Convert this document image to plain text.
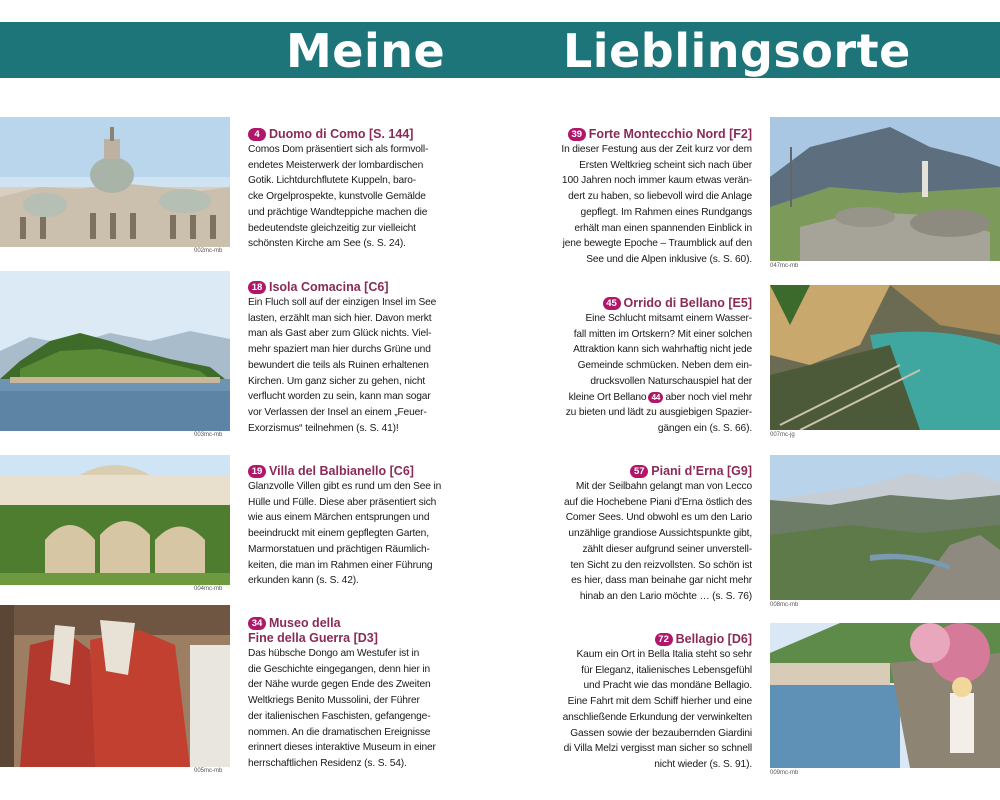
Meine	Lieblingsorte
002mc-mb
4 Duomo di Como [S. 144]
Comos Dom präsentiert sich als formvoll-
endetes Meisterwerk der lombardischen
Gotik. Lichtdurchflutete Kuppeln, baro-
cke Orgelprospekte, kunstvolle Gemälde
und prächtige Wandteppiche machen die
bedeutendste gleichzeitig zur vielleicht
schönsten Kirche am See (s. S. 24).
003mc-mb
18 Isola Comacina [C6]
Ein Fluch soll auf der einzigen Insel im See
lasten, erzählt man sich hier. Davon merkt
man als Gast aber zum Glück nichts. Viel-
mehr spaziert man hier durchs Grüne und
bewundert die teils als Ruinen erhaltenen
Kirchen. Um ganz sicher zu gehen, nicht
verflucht worden zu sein, kann man sogar
vor Verlassen der Insel an einem „Feuer-
Exorzismus“ teilnehmen (s. S. 41)!
004mc-mb
19 Villa del Balbianello [C6]
Glanzvolle Villen gibt es rund um den See in
Hülle und Fülle. Diese aber präsentiert sich
wie aus einem Märchen entsprungen und
beeindruckt mit einem gepflegten Garten,
Marmorstatuen und prächtigen Räumlich-
keiten, die man im Rahmen einer Führung
erkunden kann (s. S. 42).
005mc-mb
34 Museo della
Fine della Guerra [D3]
Das hübsche Dongo am Westufer ist in
die Geschichte eingegangen, denn hier in
der Nähe wurde gegen Ende des Zweiten
Weltkriegs Benito Mussolini, der Führer
der italienischen Faschisten, gefangenge-
nommen. An die dramatischen Ereignisse
erinnert dieses interaktive Museum in einer
herrschaftlichen Residenz (s. S. 54).
047mc-mb
39 Forte Montecchio Nord [F2]
In dieser Festung aus der Zeit kurz vor dem
Ersten Weltkrieg scheint sich nach über
100 Jahren noch immer kaum etwas verän-
dert zu haben, so liebevoll wird die Anlage
gepflegt. Im Rahmen eines Rundgangs
erhält man einen spannenden Einblick in
jene bewegte Epoche – Traumblick auf den
See und die Alpen inklusive (s. S. 60).
007mc-jg
45 Orrido di Bellano [E5]
Eine Schlucht mitsamt einem Wasser-
fall mitten im Ortskern? Mit einer solchen
Attraktion kann sich wahrhaftig nicht jede
Gemeinde schmücken. Neben dem ein-
drucksvollen Naturschauspiel hat der
kleine Ort Bellano 44 aber noch viel mehr
zu bieten und lädt zu ausgiebigen Spazier-
gängen ein (s. S. 66).
008mc-mb
57 Piani d’Erna [G9]
Mit der Seilbahn gelangt man von Lecco
auf die Hochebene Piani d’Erna östlich des
Comer Sees. Und obwohl es um den Lario
unzählige grandiose Aussichtspunkte gibt,
zählt dieser aufgrund seiner unverstell-
ten Sicht zu den reizvollsten. So schön ist
es hier, dass man beinahe gar nicht mehr
hinab an den Lario möchte … (s. S. 76)
009mc-mb
72 Bellagio [D6]
Kaum ein Ort in Bella Italia steht so sehr
für Eleganz, italienisches Lebensgefühl
und Pracht wie das mondäne Bellagio.
Eine Fahrt mit dem Schiff hierher und eine
anschließende Erkundung der verwinkelten
Gassen sowie der bezaubernden Giardini
di Villa Melzi vergisst man sicher so schnell
nicht wieder (s. S. 91).
